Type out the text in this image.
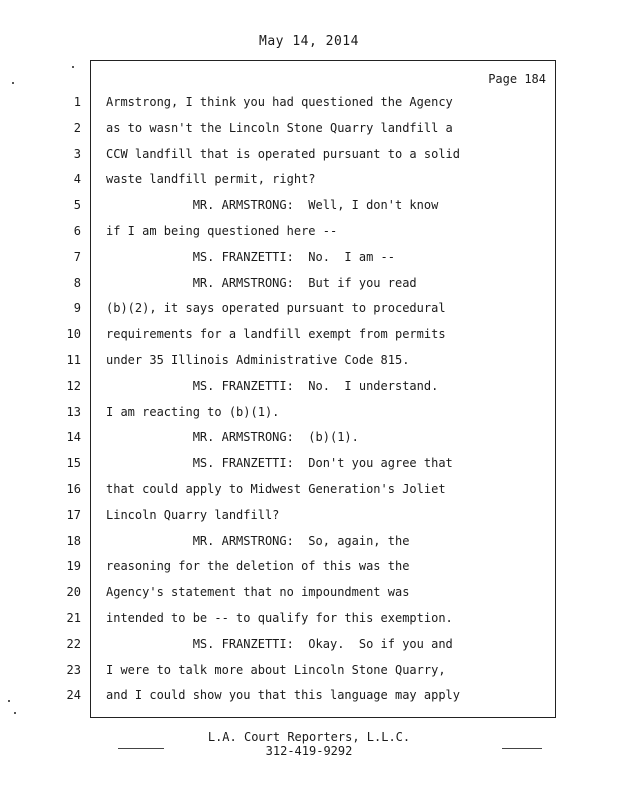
May 14, 2014
Page 184
1 Armstrong, I think you had questioned the Agency
2 as to wasn't the Lincoln Stone Quarry landfill a
3 CCW landfill that is operated pursuant to a solid
4 waste landfill permit, right?
5 MR. ARMSTRONG:  Well, I don't know
6 if I am being questioned here --
7 MS. FRANZETTI:  No.  I am --
8 MR. ARMSTRONG:  But if you read
9 (b)(2), it says operated pursuant to procedural
10 requirements for a landfill exempt from permits
11 under 35 Illinois Administrative Code 815.
12 MS. FRANZETTI:  No.  I understand.
13 I am reacting to (b)(1).
14 MR. ARMSTRONG:  (b)(1).
15 MS. FRANZETTI:  Don't you agree that
16 that could apply to Midwest Generation's Joliet
17 Lincoln Quarry landfill?
18 MR. ARMSTRONG:  So, again, the
19 reasoning for the deletion of this was the
20 Agency's statement that no impoundment was
21 intended to be -- to qualify for this exemption.
22 MS. FRANZETTI:  Okay.  So if you and
23 I were to talk more about Lincoln Stone Quarry,
24 and I could show you that this language may apply
L.A. Court Reporters, L.L.C.
312-419-9292
